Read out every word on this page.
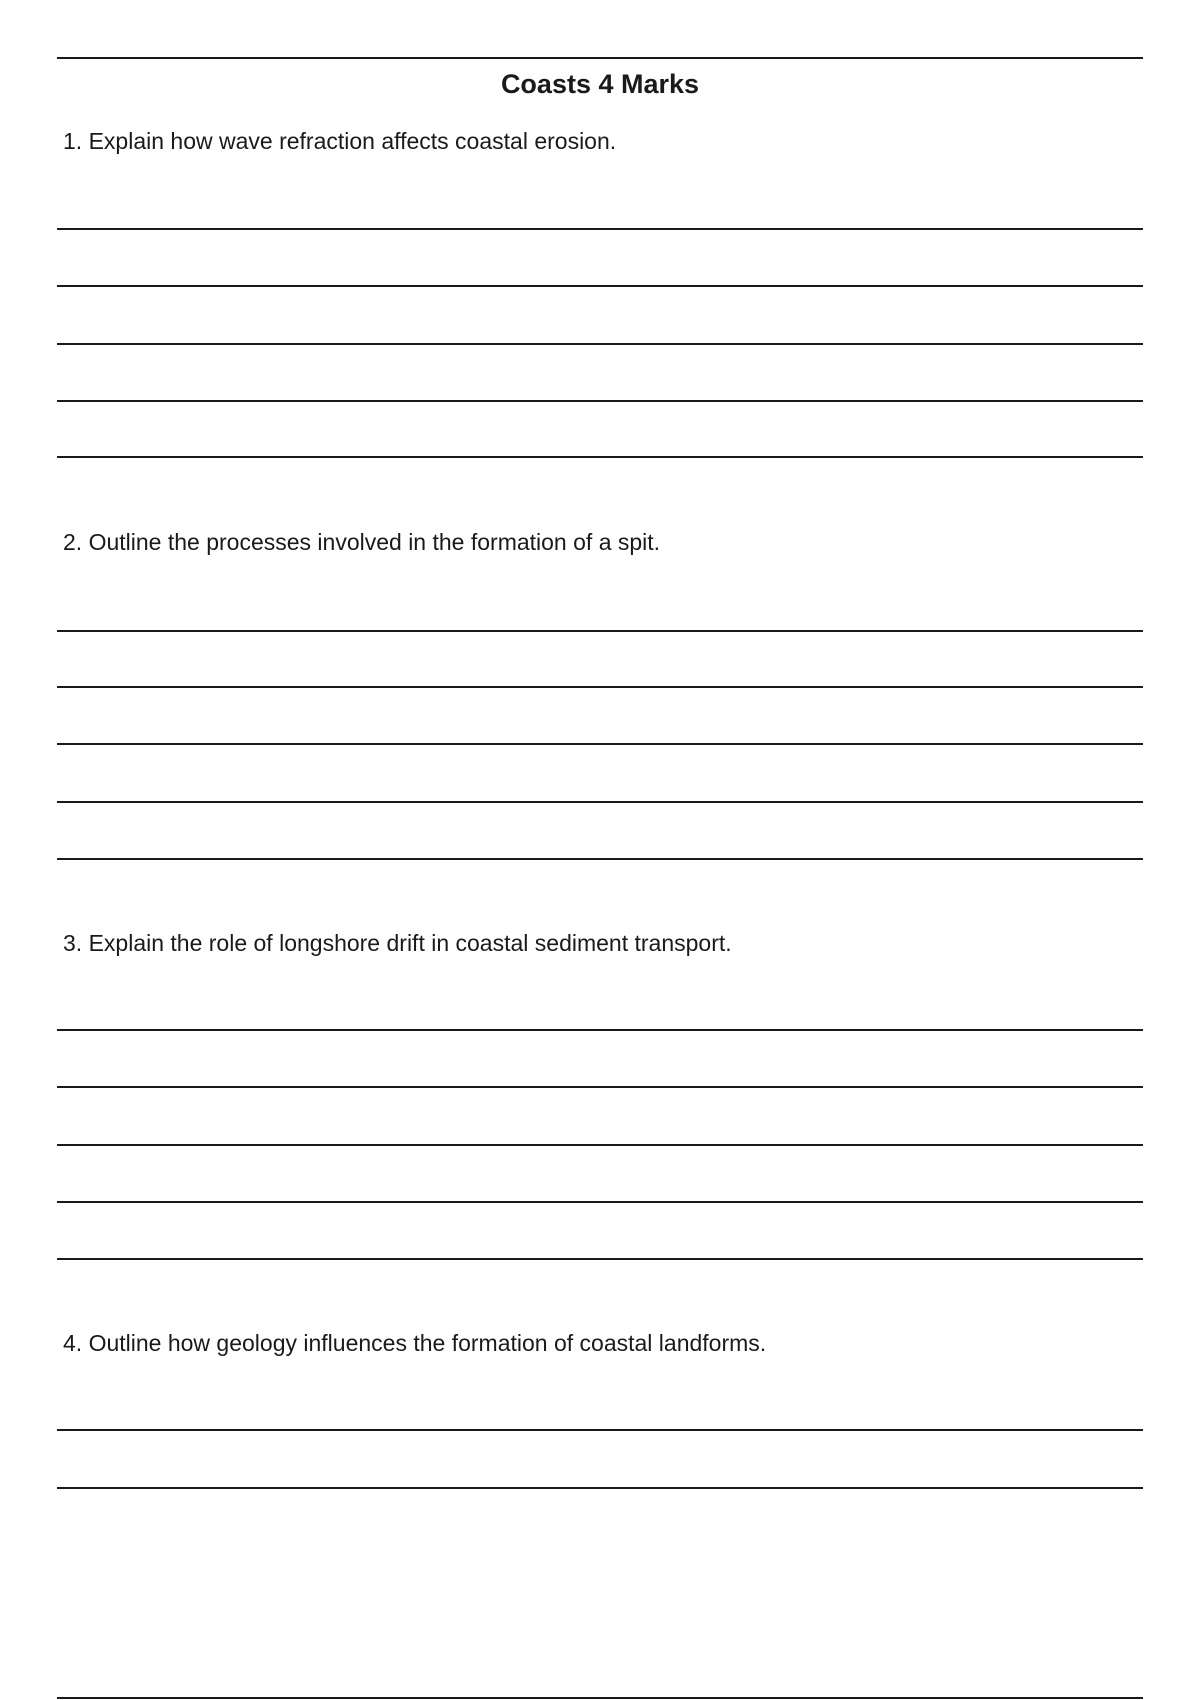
Coasts 4 Marks
1 . Explain how wave refraction affects coastal erosion.
2 . Outline the processes involved in the formation of a spit.
3 . Explain the role of longshore drift in coastal sediment transport.
4 . Outline how geology influences the formation of coastal landforms.
